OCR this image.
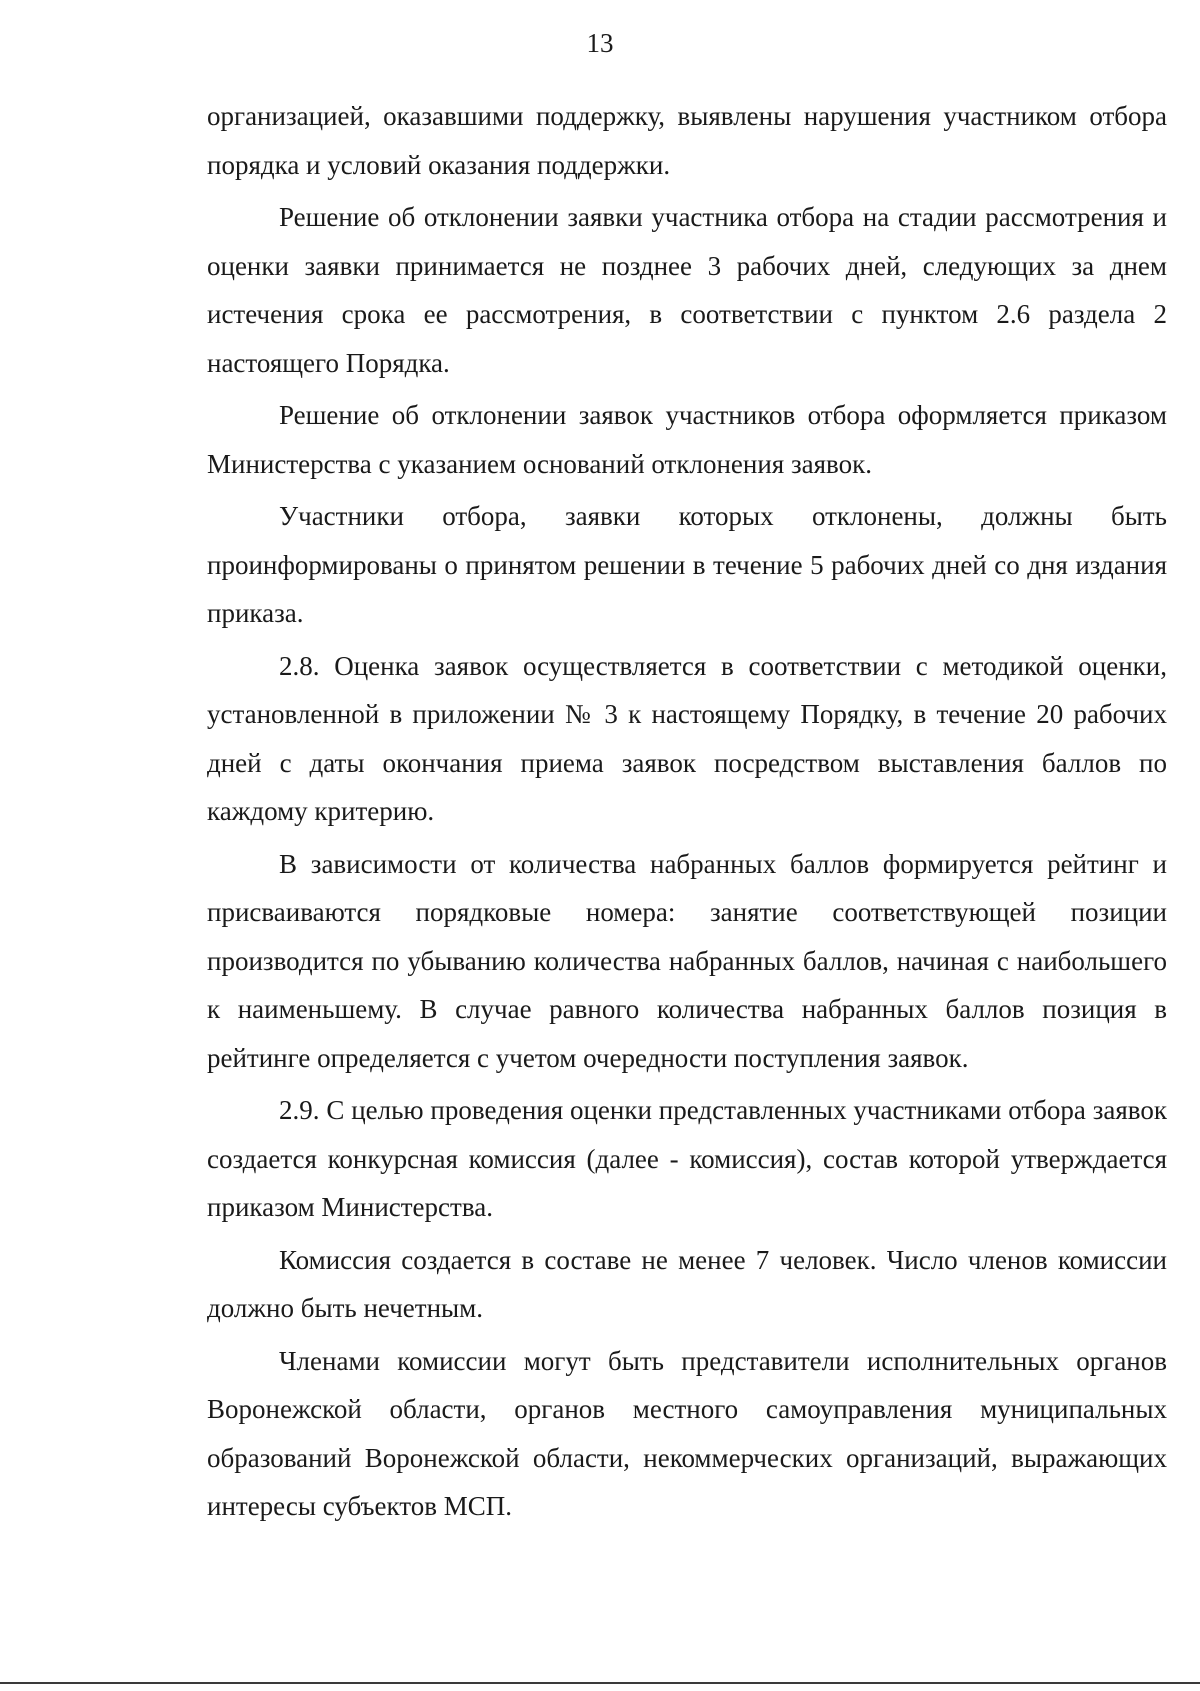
13

организацией, оказавшими поддержку, выявлены нарушения участником отбора порядка и условий оказания поддержки.

Решение об отклонении заявки участника отбора на стадии рассмотрения и оценки заявки принимается не позднее 3 рабочих дней, следующих за днем истечения срока ее рассмотрения, в соответствии с пунктом 2.6 раздела 2 настоящего Порядка.

Решение об отклонении заявок участников отбора оформляется приказом Министерства с указанием оснований отклонения заявок.

Участники отбора, заявки которых отклонены, должны быть проинформированы о принятом решении в течение 5 рабочих дней со дня издания приказа.

2.8. Оценка заявок осуществляется в соответствии с методикой оценки, установленной в приложении № 3 к настоящему Порядку, в течение 20 рабочих дней с даты окончания приема заявок посредством выставления баллов по каждому критерию.

В зависимости от количества набранных баллов формируется рейтинг и присваиваются порядковые номера: занятие соответствующей позиции производится по убыванию количества набранных баллов, начиная с наибольшего к наименьшему. В случае равного количества набранных баллов позиция в рейтинге определяется с учетом очередности поступления заявок.

2.9. С целью проведения оценки представленных участниками отбора заявок создается конкурсная комиссия (далее - комиссия), состав которой утверждается приказом Министерства.

Комиссия создается в составе не менее 7 человек. Число членов комиссии должно быть нечетным.

Членами комиссии могут быть представители исполнительных органов Воронежской области, органов местного самоуправления муниципальных образований Воронежской области, некоммерческих организаций, выражающих интересы субъектов МСП.
